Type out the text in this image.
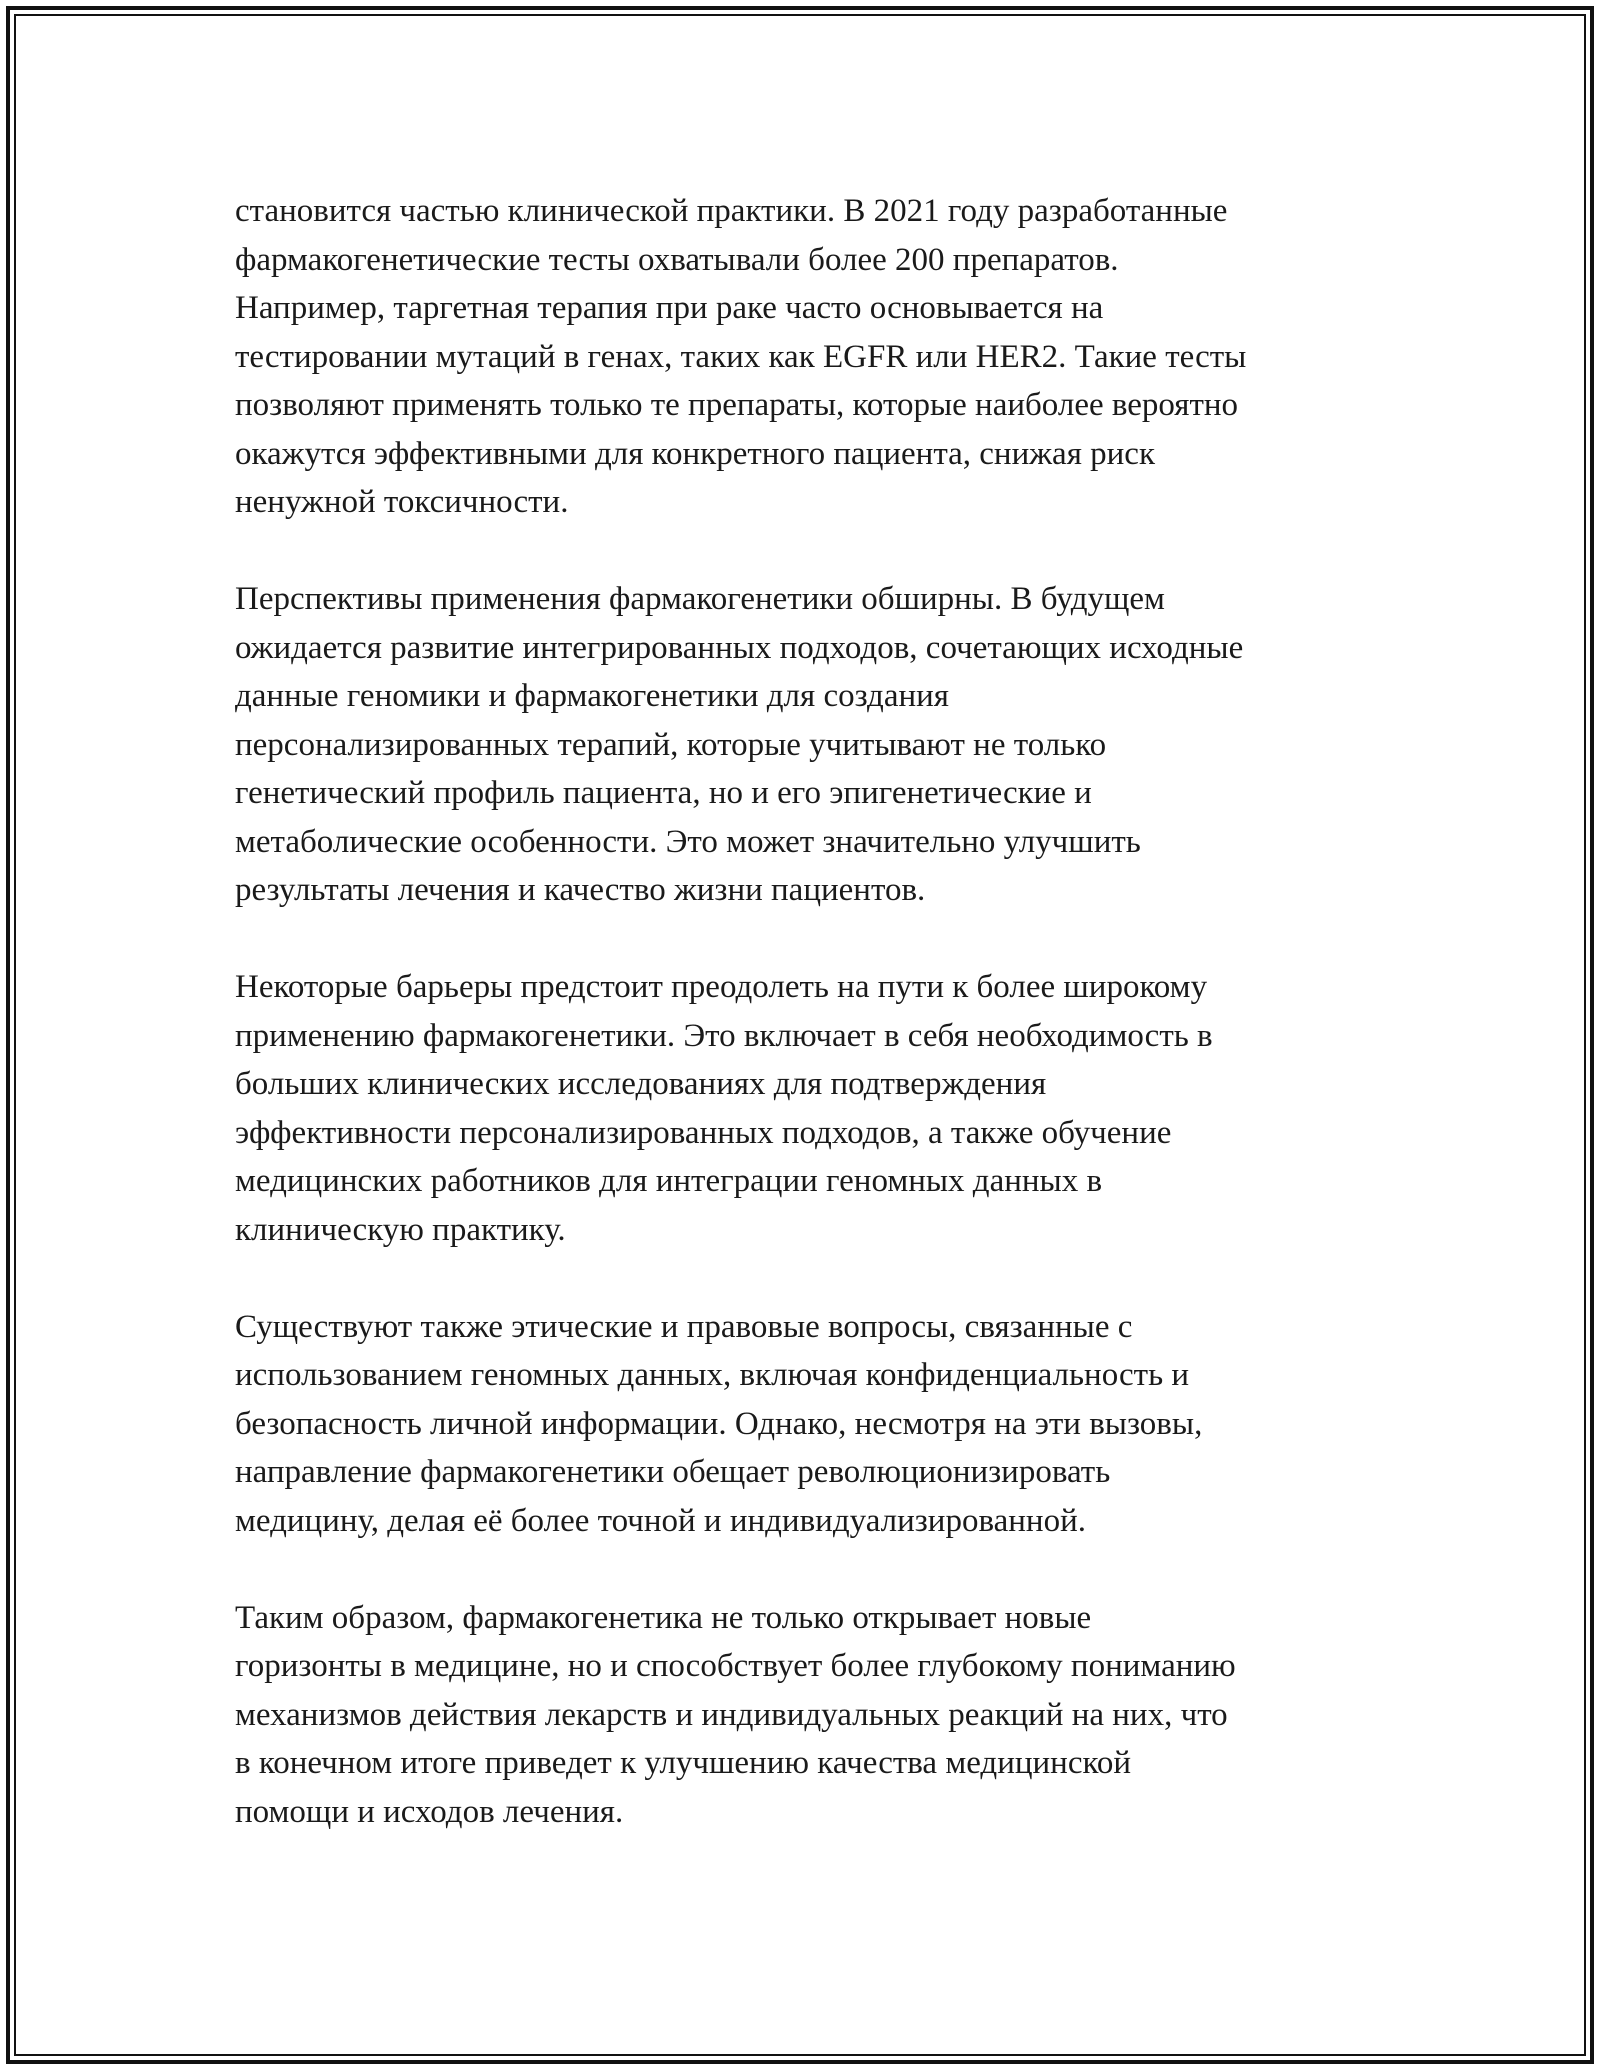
становится частью клинической практики. В 2021 году разработанные
фармакогенетические тесты охватывали более 200 препаратов.
Например, таргетная терапия при раке часто основывается на
тестировании мутаций в генах, таких как EGFR или HER2. Такие тесты
позволяют применять только те препараты, которые наиболее вероятно
окажутся эффективными для конкретного пациента, снижая риск
ненужной токсичности.

Перспективы применения фармакогенетики обширны. В будущем
ожидается развитие интегрированных подходов, сочетающих исходные
данные геномики и фармакогенетики для создания
персонализированных терапий, которые учитывают не только
генетический профиль пациента, но и его эпигенетические и
метаболические особенности. Это может значительно улучшить
результаты лечения и качество жизни пациентов.

Некоторые барьеры предстоит преодолеть на пути к более широкому
применению фармакогенетики. Это включает в себя необходимость в
больших клинических исследованиях для подтверждения
эффективности персонализированных подходов, а также обучение
медицинских работников для интеграции геномных данных в
клиническую практику.

Существуют также этические и правовые вопросы, связанные с
использованием геномных данных, включая конфиденциальность и
безопасность личной информации. Однако, несмотря на эти вызовы,
направление фармакогенетики обещает революционизировать
медицину, делая её более точной и индивидуализированной.

Таким образом, фармакогенетика не только открывает новые
горизонты в медицине, но и способствует более глубокому пониманию
механизмов действия лекарств и индивидуальных реакций на них, что
в конечном итоге приведет к улучшению качества медицинской
помощи и исходов лечения.
